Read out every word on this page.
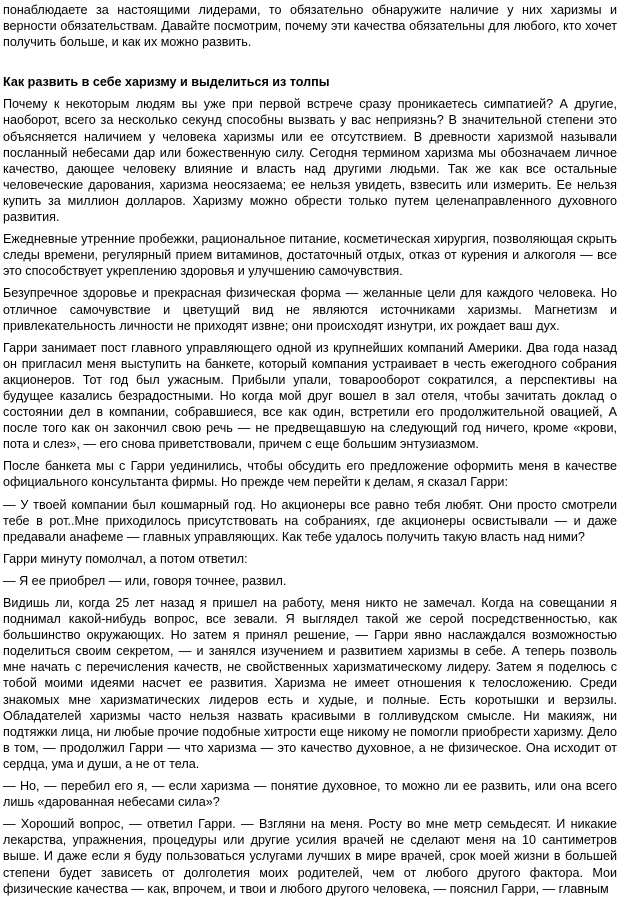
понаблюдаете за настоящими лидерами, то обязательно обнаружите наличие у них харизмы и верности обязательствам. Давайте посмотрим, почему эти качества обязательны для любого, кто хочет получить больше, и как их можно развить.

Как развить в себе харизму и выделиться из толпы

Почему к некоторым людям вы уже при первой встрече сразу проникаетесь симпатией? А другие, наоборот, всего за несколько секунд способны вызвать у вас неприязнь? В значительной степени это объясняется наличием у человека харизмы или ее отсутствием. В древности харизмой называли посланный небесами дар или божественную силу. Сегодня термином харизма мы обозначаем личное качество, дающее человеку влияние и власть над другими людьми. Так же как все остальные человеческие дарования, харизма неосязаема; ее нельзя увидеть, взвесить или измерить. Ее нельзя купить за миллион долларов. Харизму можно обрести только путем целенаправленного духовного развития.

Ежедневные утренние пробежки, рациональное питание, косметическая хирургия, позволяющая скрыть следы времени, регулярный прием витаминов, достаточный отдых, отказ от курения и алкоголя — все это способствует укреплению здоровья и улучшению самочувствия.

Безупречное здоровье и прекрасная физическая форма — желанные цели для каждого человека. Но отличное самочувствие и цветущий вид не являются источниками харизмы. Магнетизм и привлекательность личности не приходят извне; они происходят изнутри, их рождает ваш дух.

Гарри занимает пост главного управляющего одной из крупнейших компаний Америки. Два года назад он пригласил меня выступить на банкете, который компания устраивает в честь ежегодного собрания акционеров. Тот год был ужасным. Прибыли упали, товарооборот сократился, а перспективы на будущее казались безрадостными. Но когда мой друг вошел в зал отеля, чтобы зачитать доклад о состоянии дел в компании, собравшиеся, все как один, встретили его продолжительной овацией, А после того как он закончил свою речь — не предвещавшую на следующий год ничего, кроме «крови, пота и слез», — его снова приветствовали, причем с еще большим энтузиазмом.

После банкета мы с Гарри уединились, чтобы обсудить его предложение оформить меня в качестве официального консультанта фирмы. Но прежде чем перейти к делам, я сказал Гарри:

— У твоей компании был кошмарный год. Но акционеры все равно тебя любят. Они просто смотрели тебе в рот..Мне приходилось присутствовать на собраниях, где акционеры освистывали — и даже предавали анафеме — главных управляющих. Как тебе удалось получить такую власть над ними?

Гарри минуту помолчал, а потом ответил:

— Я ее приобрел — или, говоря точнее, развил.

Видишь ли, когда 25 лет назад я пришел на работу, меня никто не замечал. Когда на совещании я поднимал какой-нибудь вопрос, все зевали. Я выглядел такой же серой посредственностью, как большинство окружающих. Но затем я принял решение, — Гарри явно наслаждался возможностью поделиться своим секретом, — и занялся изучением и развитием харизмы в себе. А теперь позволь мне начать с перечисления качеств, не свойственных харизматическому лидеру. Затем я поделюсь с тобой моими идеями насчет ее развития. Харизма не имеет отношения к телосложению. Среди знакомых мне харизматических лидеров есть и худые, и полные. Есть коротышки и верзилы. Обладателей харизмы часто нельзя назвать красивыми в голливудском смысле. Ни макияж, ни подтяжки лица, ни любые прочие подобные хитрости еще никому не помогли приобрести харизму. Дело в том, — продолжил Гарри — что харизма — это качество духовное, а не физическое. Она исходит от сердца, ума и души, а не от тела.

— Но, — перебил его я, — если харизма — понятие духовное, то можно ли ее развить, или она всего лишь «дарованная небесами сила»?

— Хороший вопрос, — ответил Гарри. — Взгляни на меня. Росту во мне метр семьдесят. И никакие лекарства, упражнения, процедуры или другие усилия врачей не сделают меня на 10 сантиметров выше. И даже если я буду пользоваться услугами лучших в мире врачей, срок моей жизни в большей степени будет зависеть от долголетия моих родителей, чем от любого другого фактора. Мои физические качества — как, впрочем, и твои и любого другого человека, — пояснил Гарри, — главным
